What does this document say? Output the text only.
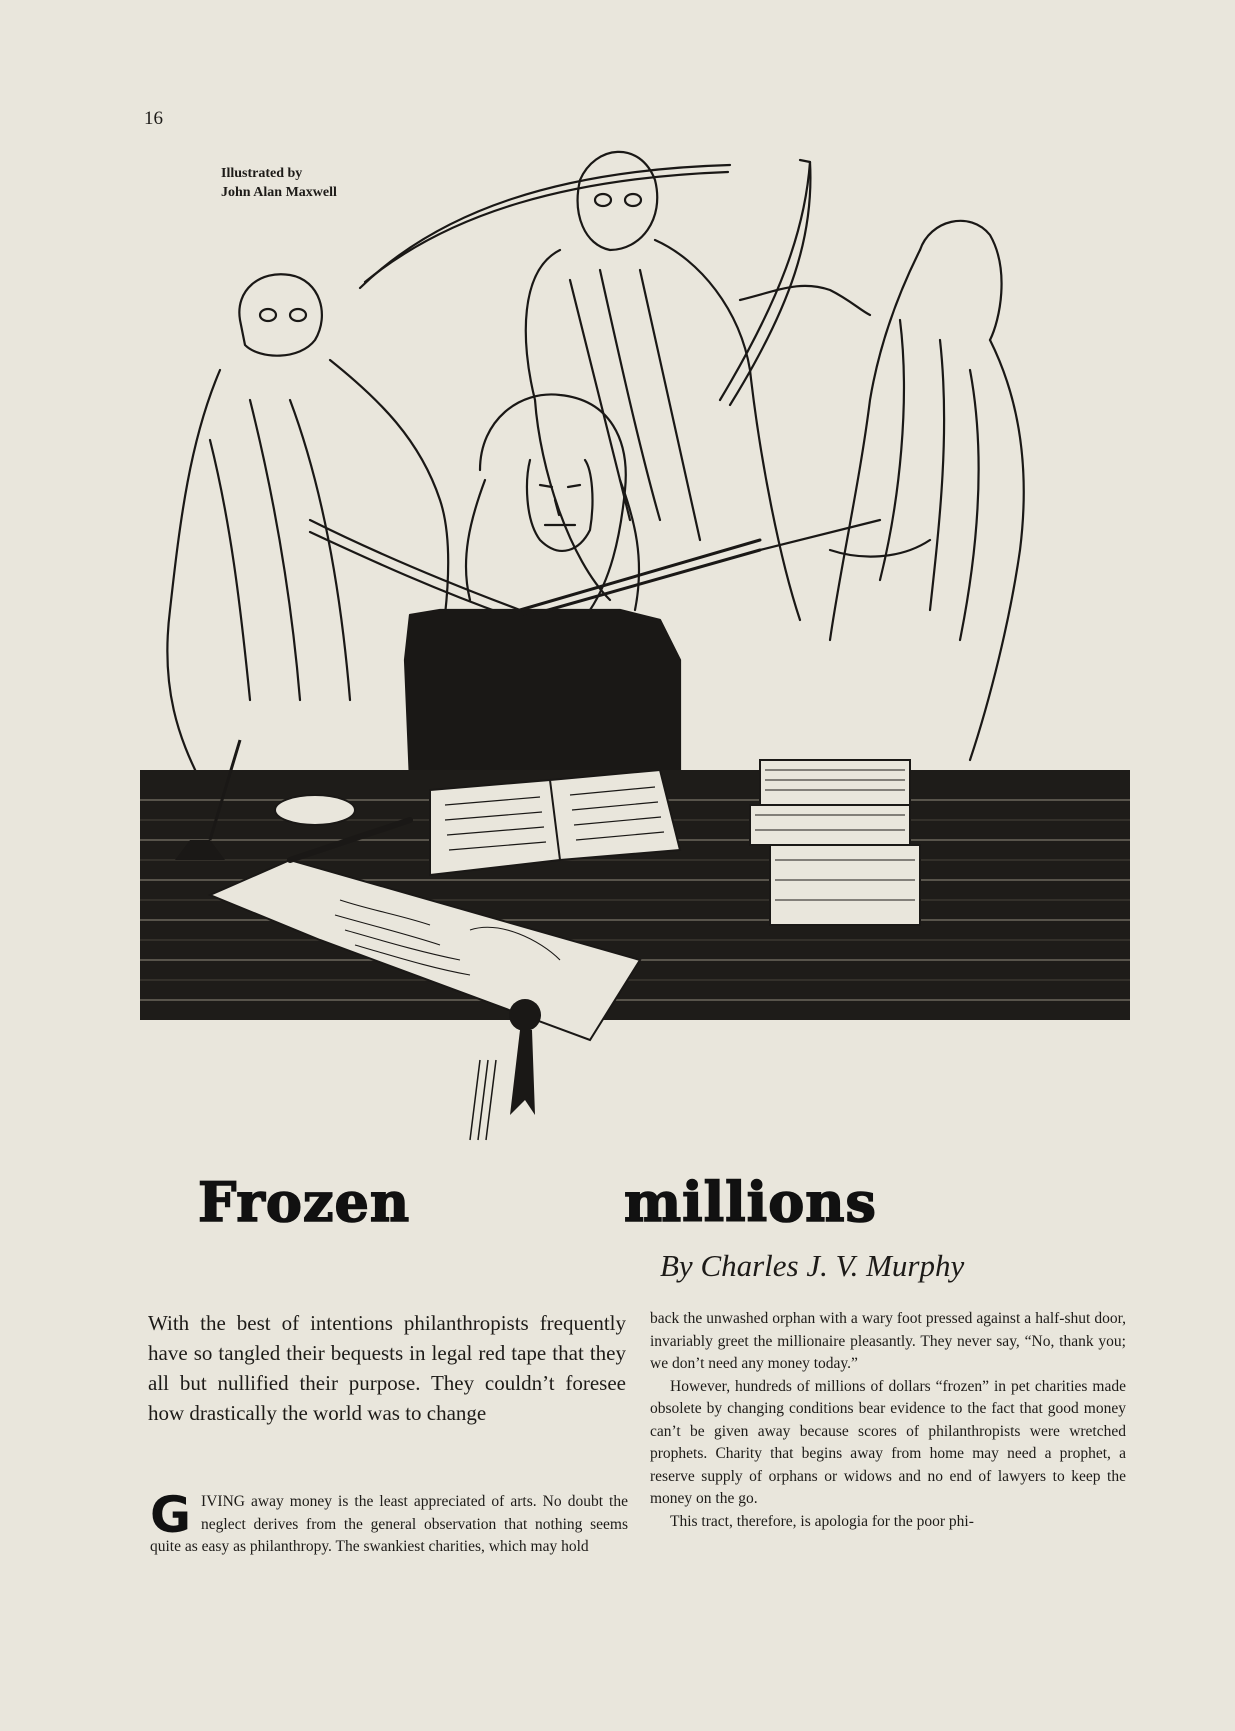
16
Illustrated by
John Alan Maxwell
Frozen	millions
By Charles J. V. Murphy
With the best of intentions philanthropists frequently have so tangled their bequests in legal red tape that they all but nullified their purpose. They couldn’t foresee how drastically the world was to change

GIVING away money is the least appreciated of arts. No doubt the neglect derives from the general observation that nothing seems quite as easy as philanthropy. The swankiest charities, which may hold

back the unwashed orphan with a wary foot pressed against a half-shut door, invariably greet the millionaire pleasantly. They never say, “No, thank you; we don’t need any money today.”

However, hundreds of millions of dollars “frozen” in pet charities made obsolete by changing conditions bear evidence to the fact that good money can’t be given away because scores of philanthropists were wretched prophets. Charity that begins away from home may need a prophet, a reserve supply of orphans or widows and no end of lawyers to keep the money on the go.

This tract, therefore, is apologia for the poor phi-
